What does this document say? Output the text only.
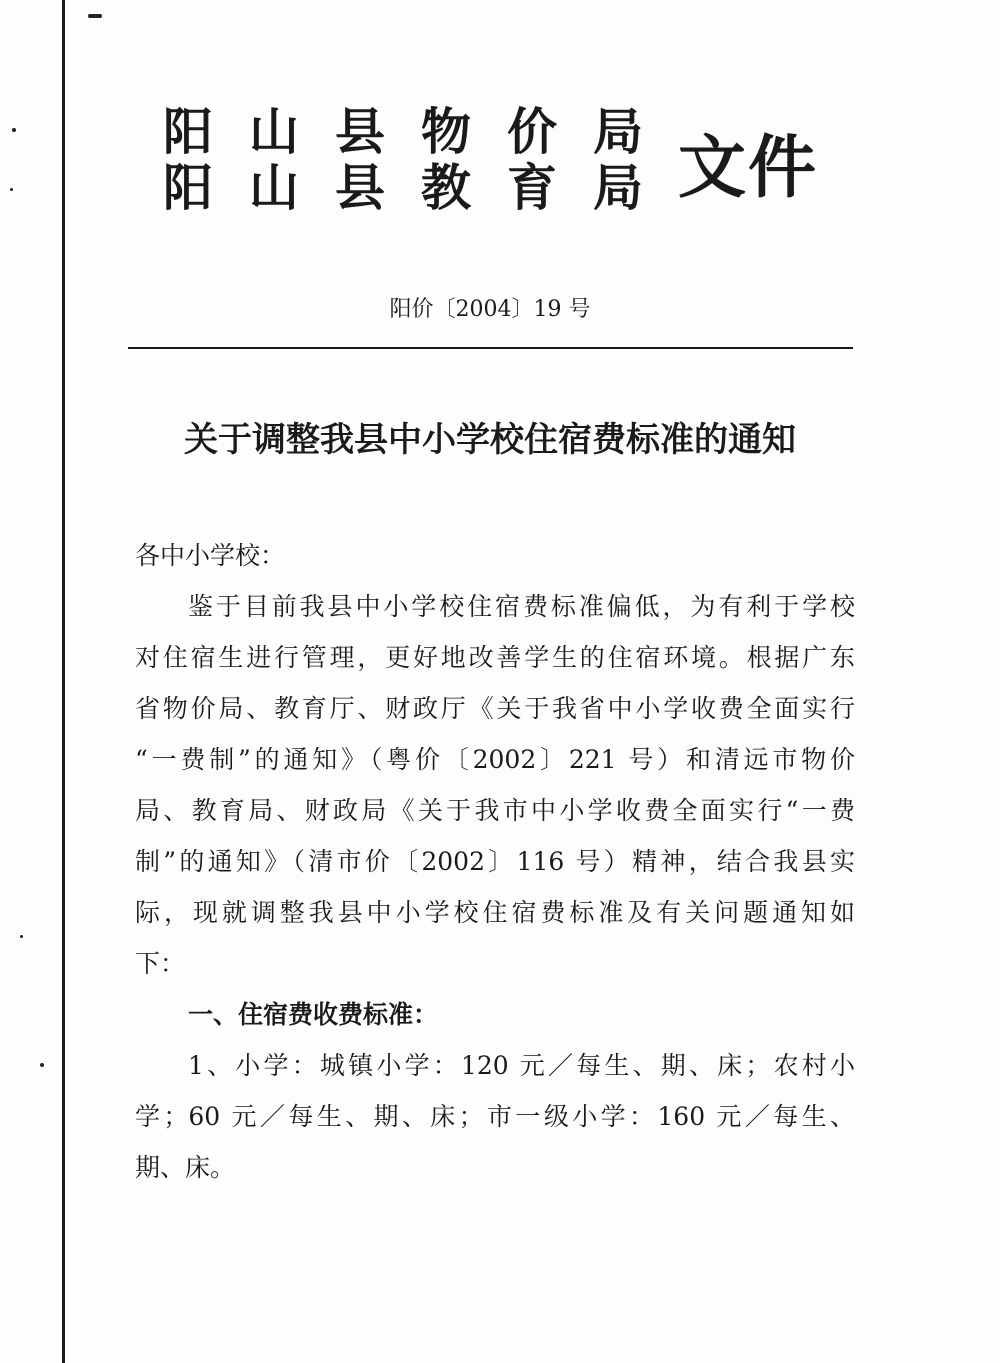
阳 山 县 物 价 局
阳 山 县 教 育 局 文件
阳价〔2004〕19 号
关于调整我县中小学校住宿费标准的通知
各中小学校：
鉴于目前我县中小学校住宿费标准偏低，为有利于学校
对住宿生进行管理，更好地改善学生的住宿环境。根据广东
省物价局、教育厅、财政厅《关于我省中小学收费全面实行
“一费制”的通知》（粤价〔2002〕221 号）和清远市物价
局、教育局、财政局《关于我市中小学收费全面实行“一费
制”的通知》（清市价〔2002〕116 号）精神，结合我县实
际，现就调整我县中小学校住宿费标准及有关问题通知如
下：
一、住宿费收费标准：
1、小学：城镇小学：120 元／每生、期、床；农村小
学；60 元／每生、期、床；市一级小学：160 元／每生、
期、床。
